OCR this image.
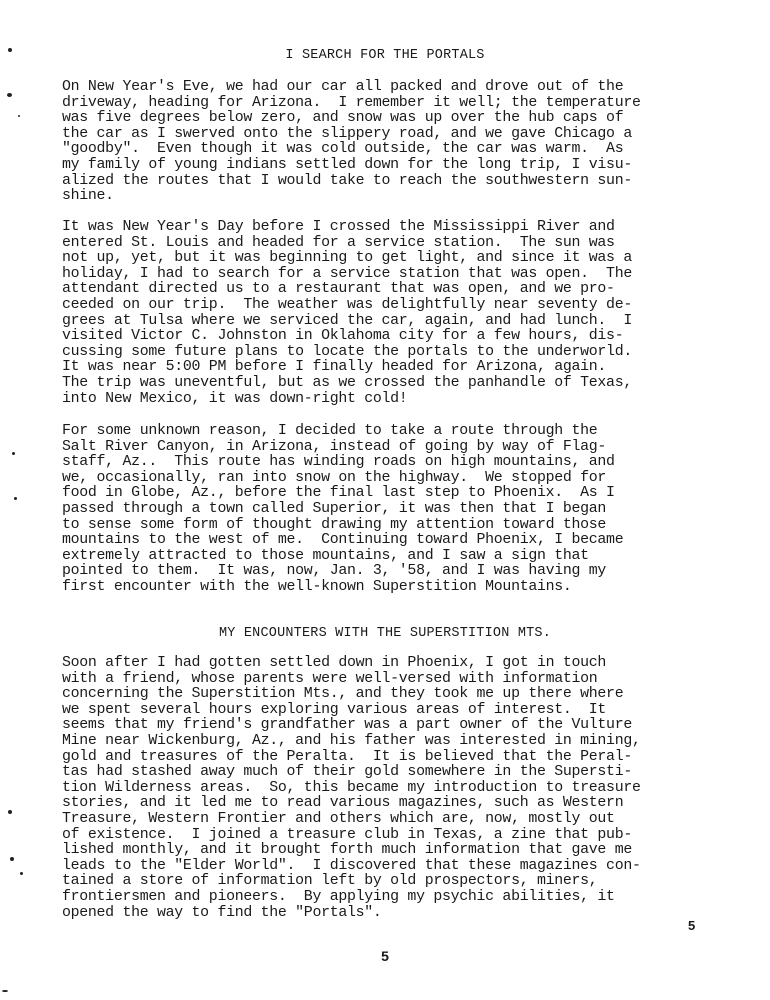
I SEARCH FOR THE PORTALS

On New Year's Eve, we had our car all packed and drove out of the
driveway, heading for Arizona.  I remember it well; the temperature
was five degrees below zero, and snow was up over the hub caps of
the car as I swerved onto the slippery road, and we gave Chicago a
"goodby".  Even though it was cold outside, the car was warm.  As
my family of young indians settled down for the long trip, I visu-
alized the routes that I would take to reach the southwestern sun-
shine.

It was New Year's Day before I crossed the Mississippi River and
entered St. Louis and headed for a service station.  The sun was
not up, yet, but it was beginning to get light, and since it was a
holiday, I had to search for a service station that was open.  The
attendant directed us to a restaurant that was open, and we pro-
ceeded on our trip.  The weather was delightfully near seventy de-
grees at Tulsa where we serviced the car, again, and had lunch.  I
visited Victor C. Johnston in Oklahoma city for a few hours, dis-
cussing some future plans to locate the portals to the underworld.
It was near 5:00 PM before I finally headed for Arizona, again.
The trip was uneventful, but as we crossed the panhandle of Texas,
into New Mexico, it was down-right cold!

For some unknown reason, I decided to take a route through the
Salt River Canyon, in Arizona, instead of going by way of Flag-
staff, Az..  This route has winding roads on high mountains, and
we, occasionally, ran into snow on the highway.  We stopped for
food in Globe, Az., before the final last step to Phoenix.  As I
passed through a town called Superior, it was then that I began
to sense some form of thought drawing my attention toward those
mountains to the west of me.  Continuing toward Phoenix, I became
extremely attracted to those mountains, and I saw a sign that
pointed to them.  It was, now, Jan. 3, '58, and I was having my
first encounter with the well-known Superstition Mountains.

MY ENCOUNTERS WITH THE SUPERSTITION MTS.

Soon after I had gotten settled down in Phoenix, I got in touch
with a friend, whose parents were well-versed with information
concerning the Superstition Mts., and they took me up there where
we spent several hours exploring various areas of interest.  It
seems that my friend's grandfather was a part owner of the Vulture
Mine near Wickenburg, Az., and his father was interested in mining,
gold and treasures of the Peralta.  It is believed that the Peral-
tas had stashed away much of their gold somewhere in the Supersti-
tion Wilderness areas.  So, this became my introduction to treasure
stories, and it led me to read various magazines, such as Western
Treasure, Western Frontier and others which are, now, mostly out
of existence.  I joined a treasure club in Texas, a zine that pub-
lished monthly, and it brought forth much information that gave me
leads to the "Elder World".  I discovered that these magazines con-
tained a store of information left by old prospectors, miners,
frontiersmen and pioneers.  By applying my psychic abilities, it
opened the way to find the "Portals".

5
5
